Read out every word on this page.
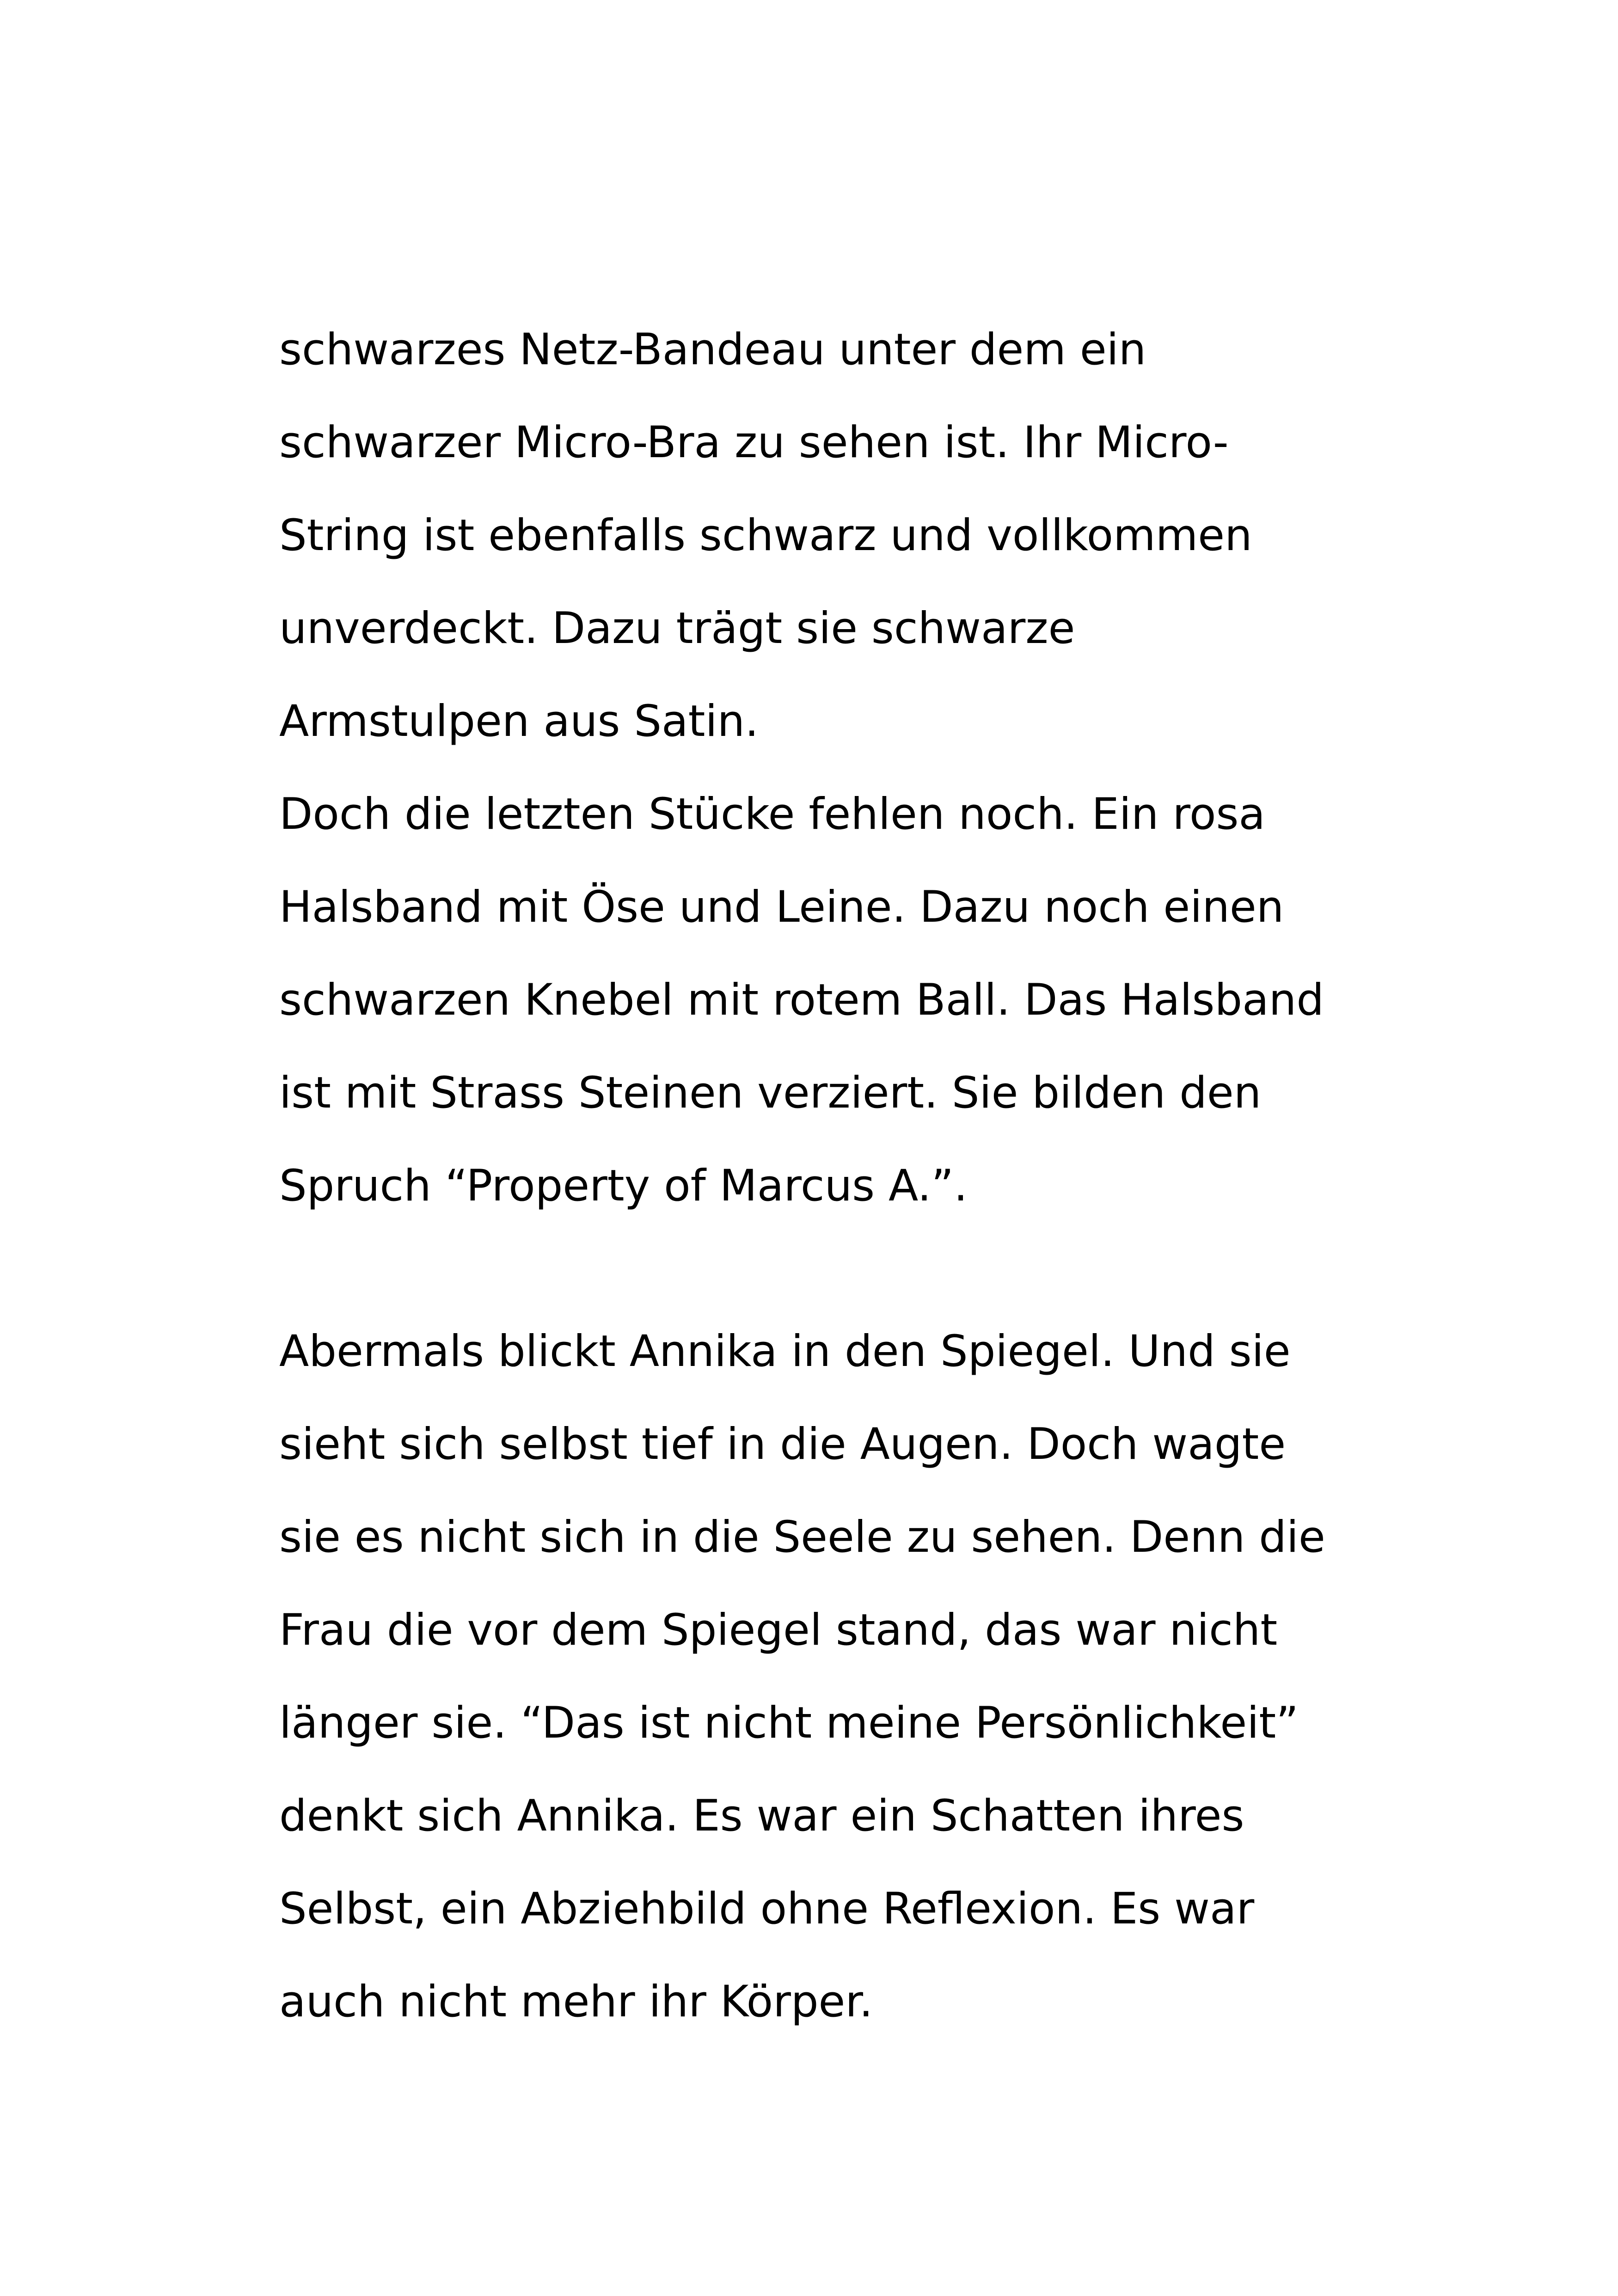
schwarzes Netz-Bandeau unter dem ein
schwarzer Micro-Bra zu sehen ist. Ihr Micro-
String ist ebenfalls schwarz und vollkommen
unverdeckt. Dazu trägt sie schwarze
Armstulpen aus Satin.
Doch die letzten Stücke fehlen noch. Ein rosa
Halsband mit Öse und Leine. Dazu noch einen
schwarzen Knebel mit rotem Ball. Das Halsband
ist mit Strass Steinen verziert. Sie bilden den
Spruch “Property of Marcus A.”.
Abermals blickt Annika in den Spiegel. Und sie
sieht sich selbst tief in die Augen. Doch wagte
sie es nicht sich in die Seele zu sehen. Denn die
Frau die vor dem Spiegel stand, das war nicht
länger sie. “Das ist nicht meine Persönlichkeit”
denkt sich Annika. Es war ein Schatten ihres
Selbst, ein Abziehbild ohne Reflexion. Es war
auch nicht mehr ihr Körper.
